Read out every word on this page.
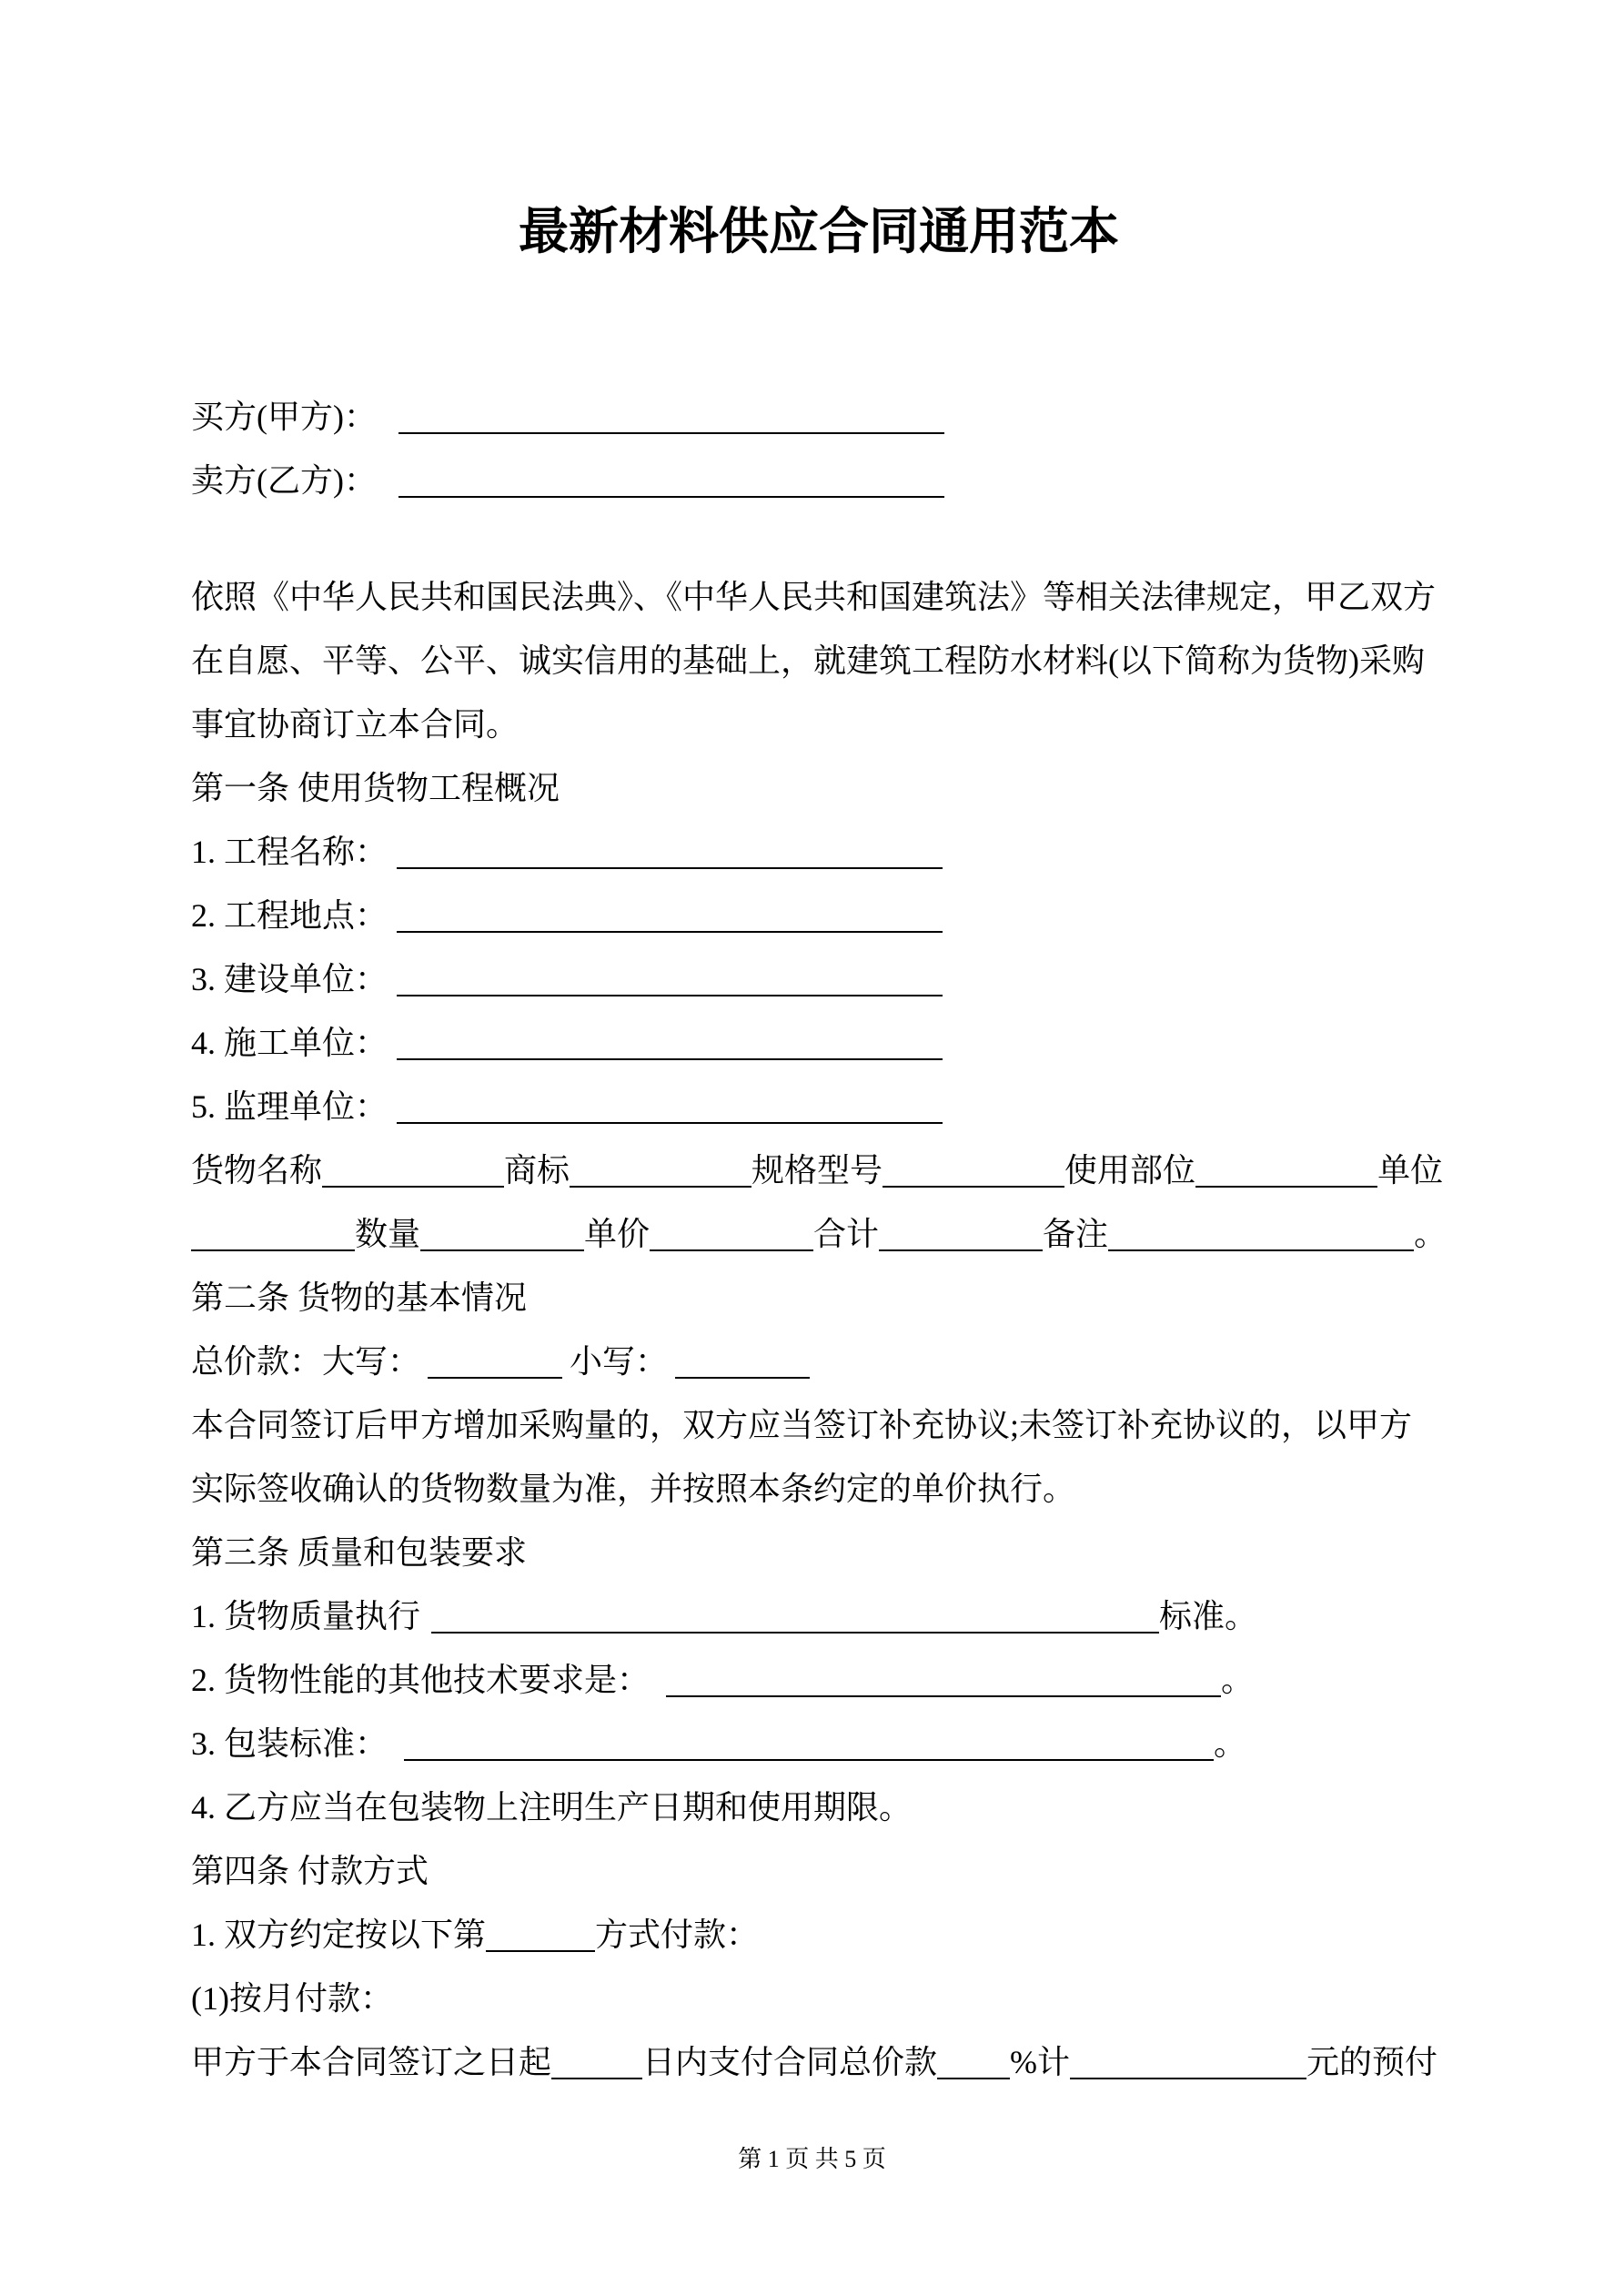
最新材料供应合同通用范本
买方(甲方)：
卖方(乙方)：
依照《中华人民共和国民法典》、《中华人民共和国建筑法》等相关法律规定，甲乙双方
在自愿、平等、公平、诚实信用的基础上，就建筑工程防水材料(以下简称为货物)采购
事宜协商订立本合同。
第一条 使用货物工程概况
1. 工程名称：
2. 工程地点：
3. 建设单位：
4. 施工单位：
5. 监理单位：
货物名称	商标	规格型号	使用部位	单位
数量	单价	合计	备注	。
第二条 货物的基本情况
总价款：大写：	小写：
本合同签订后甲方增加采购量的，双方应当签订补充协议;未签订补充协议的，以甲方
实际签收确认的货物数量为准，并按照本条约定的单价执行。
第三条 质量和包装要求
1. 货物质量执行	标准。
2. 货物性能的其他技术要求是：	。
3. 包装标准：	。
4. 乙方应当在包装物上注明生产日期和使用期限。
第四条 付款方式
1. 双方约定按以下第	方式付款：
(1)按月付款：
甲方于本合同签订之日起	日内支付合同总价款 %计	元的预付
第 1 页 共 5 页
